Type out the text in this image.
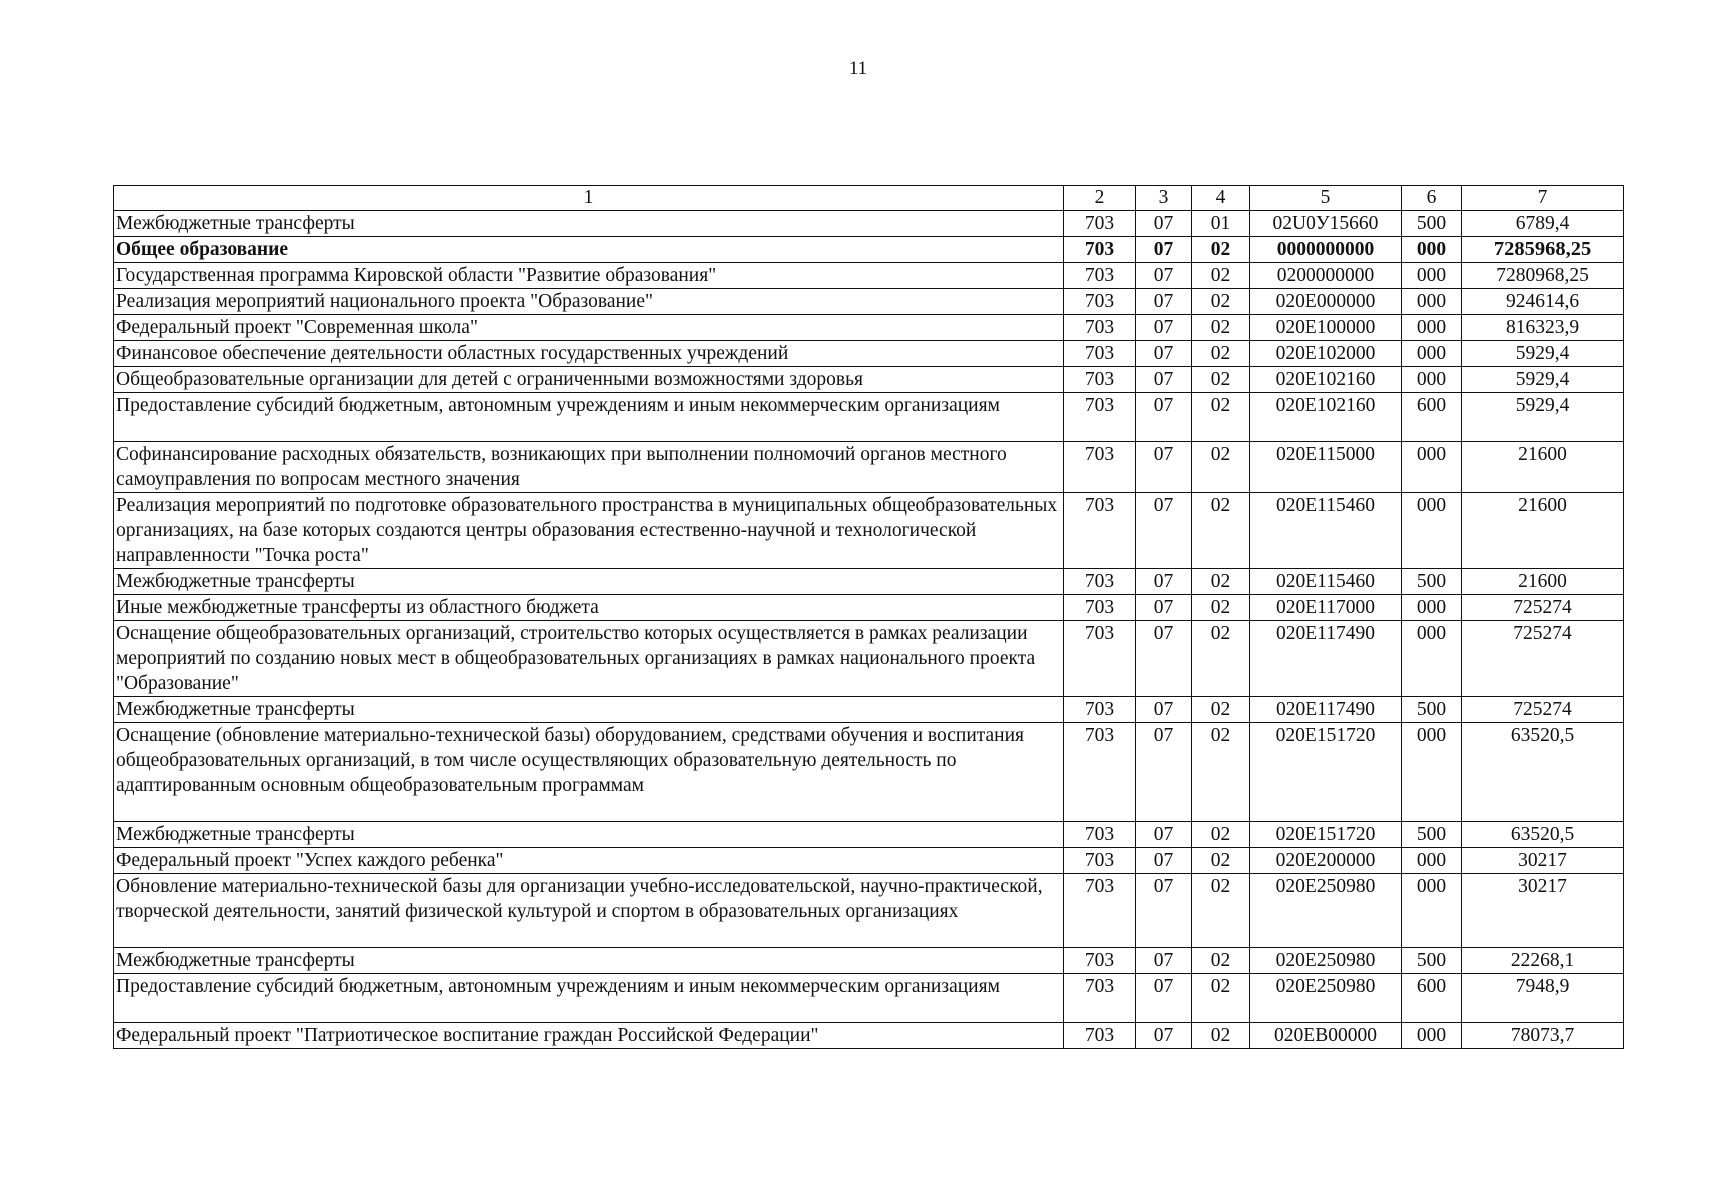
11
1	2	3	4	5	6	7
Межбюджетные трансферты	703	07	01	02U0У15660	500	6789,4
Общее образование	703	07	02	0000000000	000	7285968,25
Государственная программа Кировской области "Развитие образования"	703	07	02	0200000000	000	7280968,25
Реализация мероприятий национального проекта "Образование"	703	07	02	020E000000	000	924614,6
Федеральный проект "Современная школа"	703	07	02	020E100000	000	816323,9
Финансовое обеспечение деятельности областных государственных учреждений	703	07	02	020E102000	000	5929,4
Общеобразовательные организации для детей с ограниченными возможностями здоровья	703	07	02	020E102160	000	5929,4
Предоставление субсидий бюджетным, автономным учреждениям и иным некоммерческим организациям	703	07	02	020E102160	600	5929,4
Софинансирование расходных обязательств, возникающих при выполнении полномочий органов местного самоуправления по вопросам местного значения	703	07	02	020E115000	000	21600
Реализация мероприятий по подготовке образовательного пространства в муниципальных общеобразовательных организациях, на базе которых создаются центры образования естественно-научной и технологической направленности "Точка роста"	703	07	02	020E115460	000	21600
Межбюджетные трансферты	703	07	02	020E115460	500	21600
Иные межбюджетные трансферты из областного бюджета	703	07	02	020E117000	000	725274
Оснащение общеобразовательных организаций, строительство которых осуществляется в рамках реализации мероприятий по созданию новых мест в общеобразовательных организациях в рамках национального проекта "Образование"	703	07	02	020E117490	000	725274
Межбюджетные трансферты	703	07	02	020E117490	500	725274
Оснащение (обновление материально-технической базы) оборудованием, средствами обучения и воспитания общеобразовательных организаций, в том числе осуществляющих образовательную деятельность по адаптированным основным общеобразовательным программам	703	07	02	020E151720	000	63520,5
Межбюджетные трансферты	703	07	02	020E151720	500	63520,5
Федеральный проект "Успех каждого ребенка"	703	07	02	020E200000	000	30217
Обновление материально-технической базы для организации учебно-исследовательской, научно-практической, творческой деятельности, занятий физической культурой и спортом в образовательных организациях	703	07	02	020E250980	000	30217
Межбюджетные трансферты	703	07	02	020E250980	500	22268,1
Предоставление субсидий бюджетным, автономным учреждениям и иным некоммерческим организациям	703	07	02	020E250980	600	7948,9
Федеральный проект "Патриотическое воспитание граждан Российской Федерации"	703	07	02	020EB00000	000	78073,7
